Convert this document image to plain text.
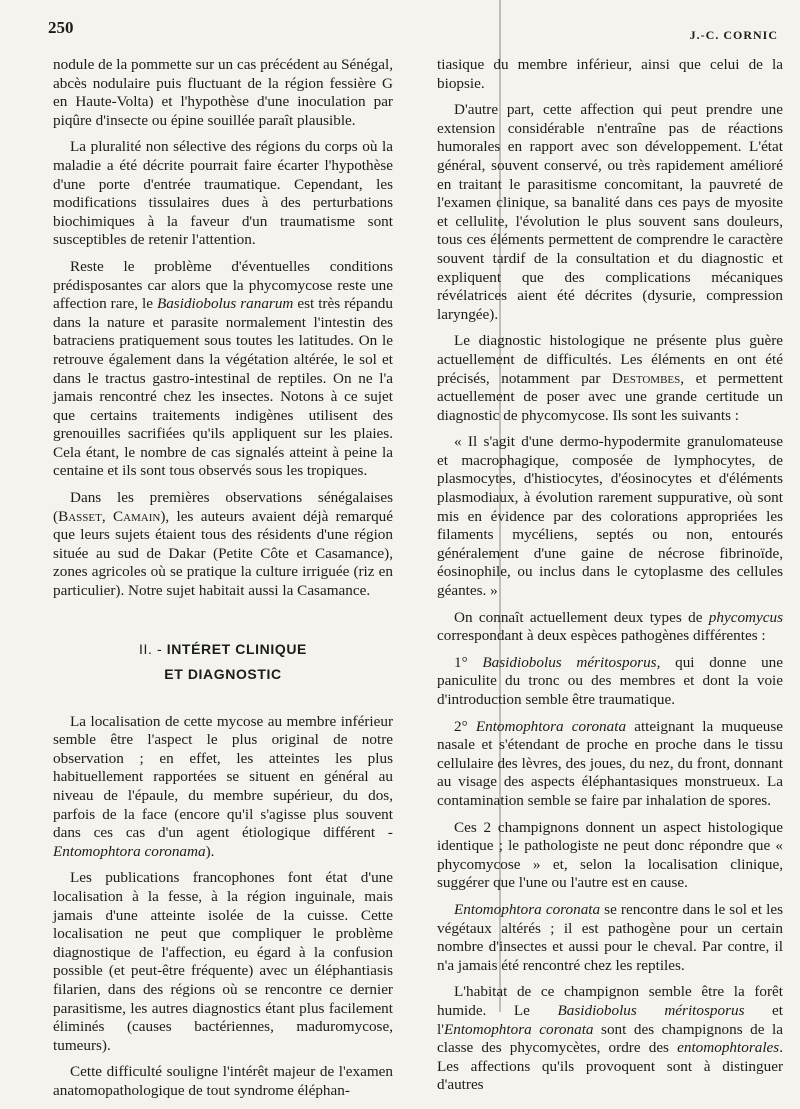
250	J.-C. CORNIC

nodule de la pommette sur un cas précédent au Sénégal, abcès nodulaire puis fluctuant de la région fessière G en Haute-Volta) et l'hypothèse d'une inoculation par piqûre d'insecte ou épine souillée paraît plausible.

La pluralité non sélective des régions du corps où la maladie a été décrite pourrait faire écarter l'hypothèse d'une porte d'entrée traumatique. Cependant, les modifications tissulaires dues à des perturbations biochimiques à la faveur d'un traumatisme sont susceptibles de retenir l'attention.

Reste le problème d'éventuelles conditions prédisposantes car alors que la phycomycose reste une affection rare, le Basidiobolus ranarum est très répandu dans la nature et parasite normalement l'intestin des batraciens pratiquement sous toutes les latitudes. On le retrouve également dans la végétation altérée, le sol et dans le tractus gastro-intestinal de reptiles. On ne l'a jamais rencontré chez les insectes. Notons à ce sujet que certains traitements indigènes utilisent des grenouilles sacrifiées qu'ils appliquent sur les plaies. Cela étant, le nombre de cas signalés atteint à peine la centaine et ils sont tous observés sous les tropiques.

Dans les premières observations sénégalaises (Basset, Camain), les auteurs avaient déjà remarqué que leurs sujets étaient tous des résidents d'une région située au sud de Dakar (Petite Côte et Casamance), zones agricoles où se pratique la culture irriguée (riz en particulier). Notre sujet habitait aussi la Casamance.

II. - INTÉRET CLINIQUE
ET DIAGNOSTIC

La localisation de cette mycose au membre inférieur semble être l'aspect le plus original de notre observation ; en effet, les atteintes les plus habituellement rapportées se situent en général au niveau de l'épaule, du membre supérieur, du dos, parfois de la face (encore qu'il s'agisse plus souvent dans ces cas d'un agent étiologique différent - Entomophtora coronama).

Les publications francophones font état d'une localisation à la fesse, à la région inguinale, mais jamais d'une atteinte isolée de la cuisse. Cette localisation ne peut que compliquer le problème diagnostique de l'affection, eu égard à la confusion possible (et peut-être fréquente) avec un éléphantiasis filarien, dans des régions où se rencontre ce dernier parasitisme, les autres diagnostics étant plus facilement éliminés (causes bactériennes, maduromycose, tumeurs).

Cette difficulté souligne l'intérêt majeur de l'examen anatomopathologique de tout syndrome éléphan-

tiasique du membre inférieur, ainsi que celui de la biopsie.

D'autre part, cette affection qui peut prendre une extension considérable n'entraîne pas de réactions humorales en rapport avec son développement. L'état général, souvent conservé, ou très rapidement amélioré en traitant le parasitisme concomitant, la pauvreté de l'examen clinique, sa banalité dans ces pays de myosite et cellulite, l'évolution le plus souvent sans douleurs, tous ces éléments permettent de comprendre le caractère souvent tardif de la consultation et du diagnostic et expliquent que des complications mécaniques révélatrices aient été décrites (dysurie, compression laryngée).

Le diagnostic histologique ne présente plus guère actuellement de difficultés. Les éléments en ont été précisés, notamment par Destombes, et permettent actuellement de poser avec une grande certitude un diagnostic de phycomycose. Ils sont les suivants :

« Il s'agit d'une dermo-hypodermite granulomateuse et macrophagique, composée de lymphocytes, de plasmocytes, d'histiocytes, d'éosinocytes et d'éléments plasmodiaux, à évolution rarement suppurative, où sont mis en évidence par des colorations appropriées les filaments mycéliens, septés ou non, entourés généralement d'une gaine de nécrose fibrinoïde, éosinophile, ou inclus dans le cytoplasme des cellules géantes. »

On connaît actuellement deux types de phycomycus correspondant à deux espèces pathogènes différentes :

1° Basidiobolus méritosporus, qui donne une paniculite du tronc ou des membres et dont la voie d'introduction semble être traumatique.

2° Entomophtora coronata atteignant la muqueuse nasale et s'étendant de proche en proche dans le tissu cellulaire des lèvres, des joues, du nez, du front, donnant au visage des aspects éléphantasiques monstrueux. La contamination semble se faire par inhalation de spores.

Ces 2 champignons donnent un aspect histologique identique ; le pathologiste ne peut donc répondre que « phycomycose » et, selon la localisation clinique, suggérer que l'une ou l'autre est en cause.

Entomophtora coronata se rencontre dans le sol et les végétaux altérés ; il est pathogène pour un certain nombre d'insectes et aussi pour le cheval. Par contre, il n'a jamais été rencontré chez les reptiles.

L'habitat de ce champignon semble être la forêt humide. Le Basidiobolus méritosporus et l'Entomophtora coronata sont des champignons de la classe des phycomycètes, ordre des entomophtorales. Les affections qu'ils provoquent sont à distinguer d'autres
